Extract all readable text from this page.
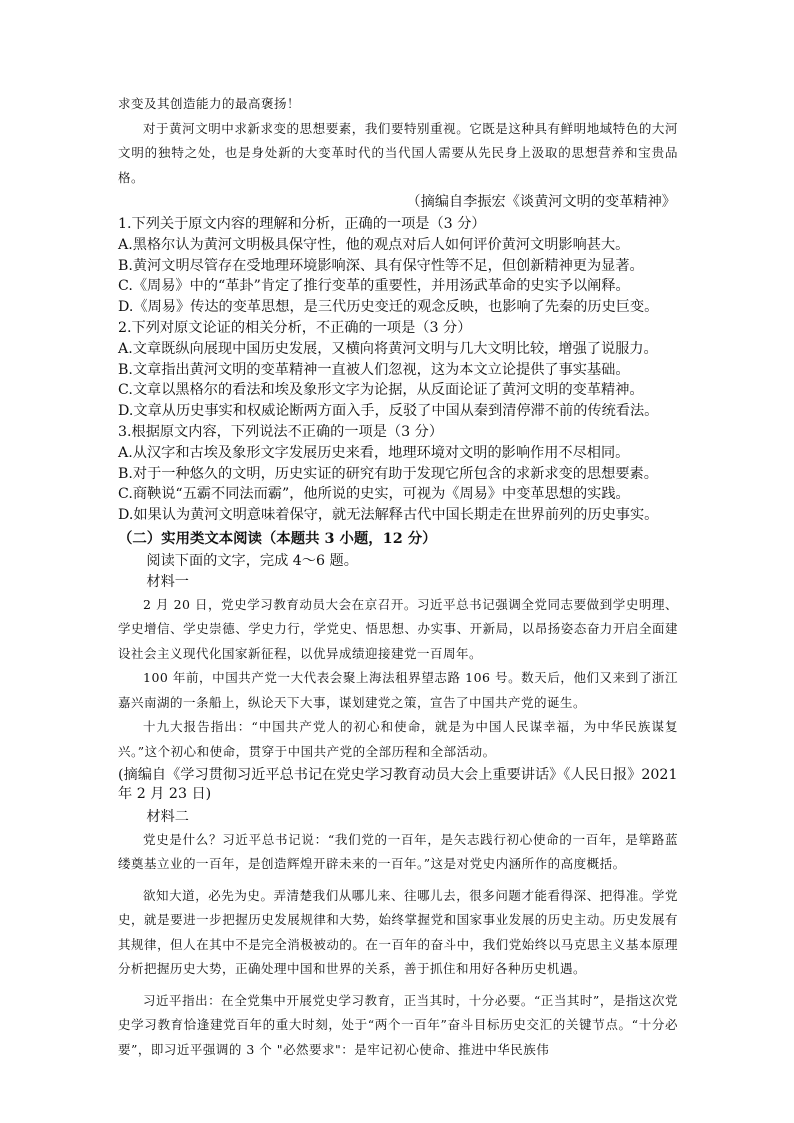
求变及其创造能力的最高褒扬！

对于黄河文明中求新求变的思想要素，我们要特别重视。它既是这种具有鲜明地域特色的大河文明的独特之处，也是身处新的大变革时代的当代国人需要从先民身上汲取的思想营养和宝贵品格。

（摘编自李振宏《谈黄河文明的变革精神》

1.下列关于原文内容的理解和分析，正确的一项是（3 分）

A.黑格尔认为黄河文明极具保守性，他的观点对后人如何评价黄河文明影响甚大。

B.黄河文明尽管存在受地理环境影响深、具有保守性等不足，但创新精神更为显著。

C.《周易》中的“革卦”肯定了推行变革的重要性，并用汤武革命的史实予以阐释。

D.《周易》传达的变革思想，是三代历史变迁的观念反映，也影响了先秦的历史巨变。

2.下列对原文论证的相关分析，不正确的一项是（3 分）

A.文章既纵向展现中国历史发展，又横向将黄河文明与几大文明比较，增强了说服力。

B.文章指出黄河文明的变革精神一直被人们忽视，这为本文立论提供了事实基础。

C.文章以黑格尔的看法和埃及象形文字为论据，从反面论证了黄河文明的变革精神。

D.文章从历史事实和权威论断两方面入手，反驳了中国从秦到清停滞不前的传统看法。

3.根据原文内容，下列说法不正确的一项是（3 分）

A.从汉字和古埃及象形文字发展历史来看，地理环境对文明的影响作用不尽相同。

B.对于一种悠久的文明，历史实证的研究有助于发现它所包含的求新求变的思想要素。

C.商鞅说“五霸不同法而霸”，他所说的史实，可视为《周易》中变革思想的实践。

D.如果认为黄河文明意味着保守，就无法解释古代中国长期走在世界前列的历史事实。

（二）实用类文本阅读（本题共 3 小题，12 分）

阅读下面的文字，完成 4～6 题。

材料一

2 月 20 日，党史学习教育动员大会在京召开。习近平总书记强调全党同志要做到学史明理、学史增信、学史崇德、学史力行，学党史、悟思想、办实事、开新局，以昂扬姿态奋力开启全面建设社会主义现代化国家新征程，以优异成绩迎接建党一百周年。

100 年前，中国共产党一大代表会聚上海法租界望志路 106 号。数天后，他们又来到了浙江嘉兴南湖的一条船上，纵论天下大事，谋划建党之策，宣告了中国共产党的诞生。

十九大报告指出：“中国共产党人的初心和使命，就是为中国人民谋幸福，为中华民族谋复兴。”这个初心和使命，贯穿于中国共产党的全部历程和全部活动。

(摘编自《学习贯彻习近平总书记在党史学习教育动员大会上重要讲话》《人民日报》2021 年 2 月 23 日)

材料二

党史是什么？习近平总书记说：“我们党的一百年，是矢志践行初心使命的一百年，是筚路蓝缕奠基立业的一百年，是创造辉煌开辟未来的一百年。”这是对党史内涵所作的高度概括。

欲知大道，必先为史。弄清楚我们从哪儿来、往哪儿去，很多问题才能看得深、把得准。学党史，就是要进一步把握历史发展规律和大势，始终掌握党和国家事业发展的历史主动。历史发展有其规律，但人在其中不是完全消极被动的。在一百年的奋斗中，我们党始终以马克思主义基本原理分析把握历史大势，正确处理中国和世界的关系，善于抓住和用好各种历史机遇。

习近平指出：在全党集中开展党史学习教育，正当其时，十分必要。“正当其时”，是指这次党史学习教育恰逢建党百年的重大时刻，处于“两个一百年”奋斗目标历史交汇的关键节点。“十分必要”，即习近平强调的 3 个 "必然要求"：是牢记初心使命、推进中华民族伟
